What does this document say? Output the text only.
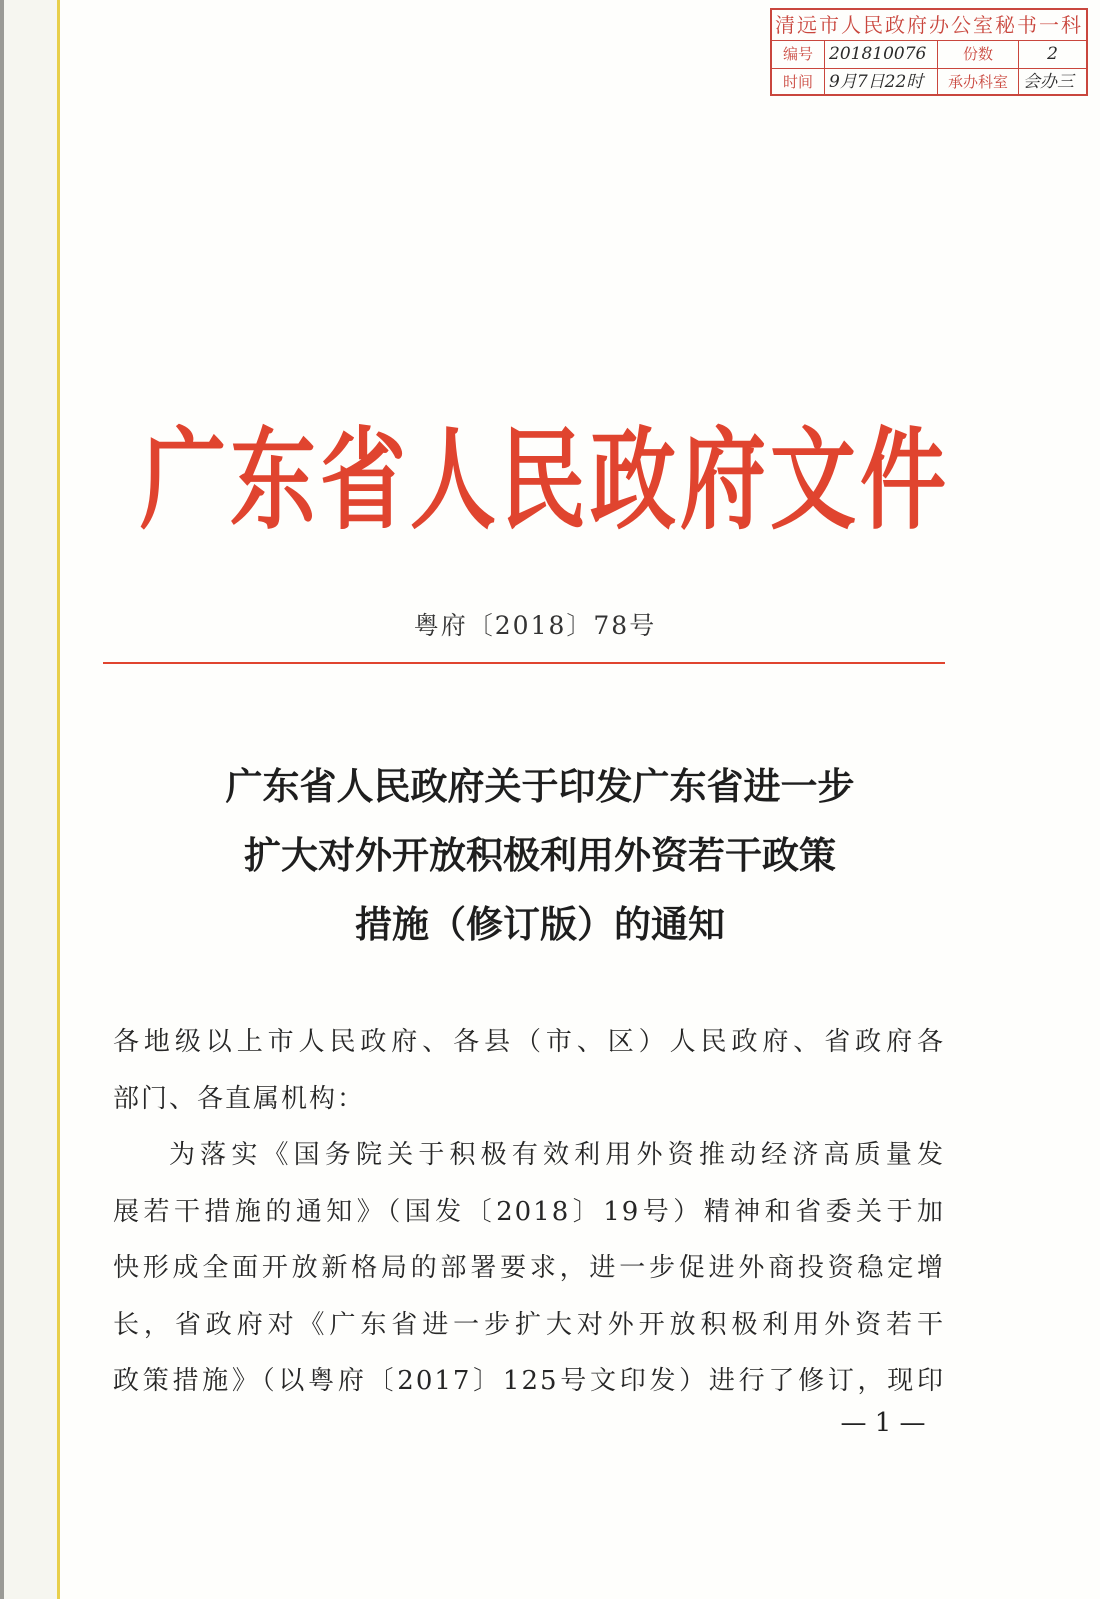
清远市人民政府办公室秘书一科
编号 201810076	份数	2
时间 9月7日22时	承办科室 会办三
广东省人民政府文件
粤府〔2018〕78号
广东省人民政府关于印发广东省进一步
扩大对外开放积极利用外资若干政策
措施（修订版）的通知

各地级以上市人民政府、各县（市、区）人民政府、省政府各

部门、各直属机构：

为落实《国务院关于积极有效利用外资推动经济高质量发

展若干措施的通知》（国发〔2018〕19号）精神和省委关于加

快形成全面开放新格局的部署要求，进一步促进外商投资稳定增

长，省政府对《广东省进一步扩大对外开放积极利用外资若干

政策措施》（以粤府〔2017〕125号文印发）进行了修订，现印

— 1 —
